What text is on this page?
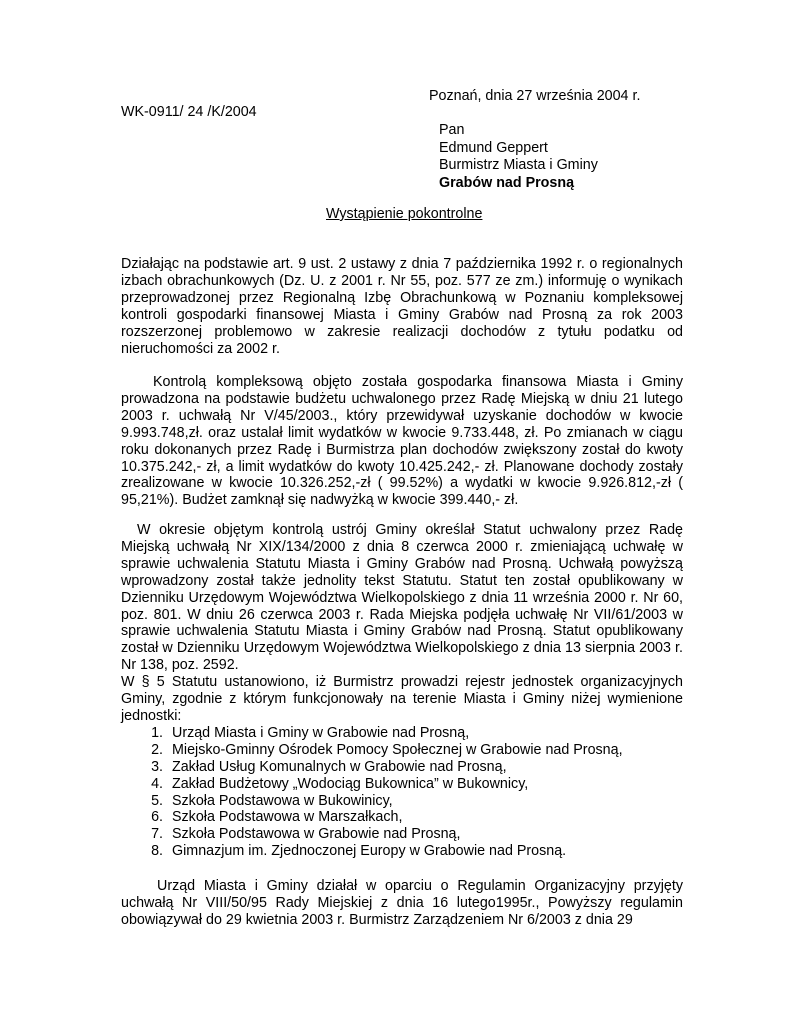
Poznań, dnia 27 września 2004 r.
WK-0911/ 24 /K/2004
Pan
Edmund Geppert
Burmistrz Miasta i Gminy
Grabów nad Prosną
Wystąpienie pokontrolne

Działając na podstawie art. 9 ust. 2 ustawy z dnia 7 października 1992 r. o regionalnych izbach obrachunkowych (Dz. U. z 2001 r. Nr 55, poz. 577 ze zm.) informuję o wynikach przeprowadzonej przez Regionalną Izbę Obrachunkową w Poznaniu kompleksowej kontroli gospodarki finansowej Miasta i Gminy Grabów nad Prosną za rok 2003 rozszerzonej problemowo w zakresie realizacji dochodów z tytułu podatku od nieruchomości za 2002 r.

Kontrolą kompleksową objęto została gospodarka finansowa Miasta i Gminy prowadzona na podstawie budżetu uchwalonego przez Radę Miejską w dniu 21 lutego 2003 r. uchwałą Nr V/45/2003., który przewidywał uzyskanie dochodów w kwocie 9.993.748,zł. oraz ustalał limit wydatków w kwocie 9.733.448, zł. Po zmianach w ciągu roku dokonanych przez Radę i Burmistrza plan dochodów zwiększony został do kwoty 10.375.242,- zł, a limit wydatków do kwoty 10.425.242,- zł. Planowane dochody zostały zrealizowane w kwocie 10.326.252,-zł ( 99.52%) a wydatki w kwocie 9.926.812,-zł ( 95,21%). Budżet zamknął się nadwyżką w kwocie 399.440,- zł.

W okresie objętym kontrolą ustrój Gminy określał Statut uchwalony przez Radę Miejską uchwałą Nr XIX/134/2000 z dnia 8 czerwca 2000 r. zmieniającą uchwałę w sprawie uchwalenia Statutu Miasta i Gminy Grabów nad Prosną. Uchwałą powyższą wprowadzony został także jednolity tekst Statutu. Statut ten został opublikowany w Dzienniku Urzędowym Województwa Wielkopolskiego z dnia 11 września 2000 r. Nr 60, poz. 801. W dniu 26 czerwca 2003 r. Rada Miejska podjęła uchwałę Nr VII/61/2003 w sprawie uchwalenia Statutu Miasta i Gminy Grabów nad Prosną. Statut opublikowany został w Dzienniku Urzędowym Województwa Wielkopolskiego z dnia 13 sierpnia 2003 r. Nr 138, poz. 2592.
W § 5 Statutu ustanowiono, iż Burmistrz prowadzi rejestr jednostek organizacyjnych Gminy, zgodnie z którym funkcjonowały na terenie Miasta i Gminy niżej wymienione jednostki:
1. Urząd Miasta i Gminy w Grabowie nad Prosną,
2. Miejsko-Gminny Ośrodek Pomocy Społecznej w Grabowie nad Prosną,
3. Zakład Usług Komunalnych w Grabowie nad Prosną,
4. Zakład Budżetowy „Wodociąg Bukownica” w Bukownicy,
5. Szkoła Podstawowa w Bukowinicy,
6. Szkoła Podstawowa w Marszałkach,
7. Szkoła Podstawowa w Grabowie nad Prosną,
8. Gimnazjum im. Zjednoczonej Europy w Grabowie nad Prosną.

Urząd Miasta i Gminy działał w oparciu o Regulamin Organizacyjny przyjęty uchwałą Nr VIII/50/95 Rady Miejskiej z dnia 16 lutego1995r., Powyższy regulamin obowiązywał do 29 kwietnia 2003 r. Burmistrz Zarządzeniem Nr 6/2003 z dnia 29
